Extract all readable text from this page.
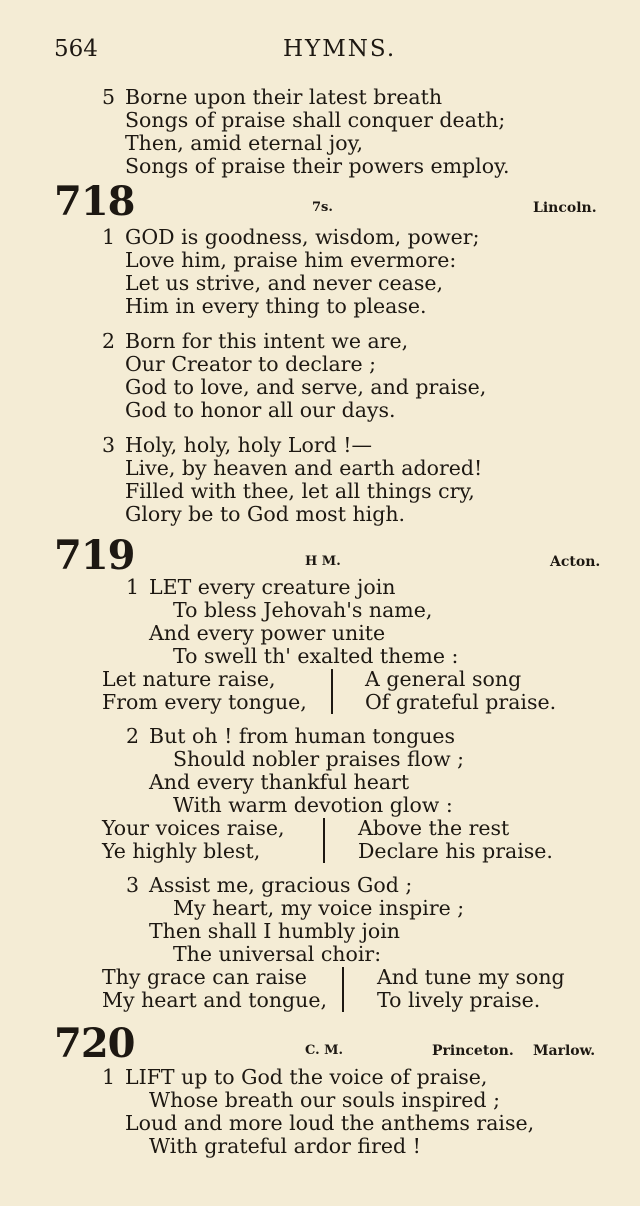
564	HYMNS.
5 Borne upon their latest breath
Songs of praise shall conquer death;
Then, amid eternal joy,
Songs of praise their powers employ.
718	7s.	Lincoln.
1 GOD is goodness, wisdom, power;
Love him, praise him evermore:
Let us strive, and never cease,
Him in every thing to please.
2 Born for this intent we are,
Our Creator to declare ;
God to love, and serve, and praise,
God to honor all our days.
3 Holy, holy, holy Lord !—
Live, by heaven and earth adored!
Filled with thee, let all things cry,
Glory be to God most high.
719	H M.	Acton.
1 LET every creature join
To bless Jehovah's name,
And every power unite
To swell th' exalted theme :
Let nature raise,	A general song
From every tongue,	Of grateful praise.
2 But oh ! from human tongues
Should nobler praises flow ;
And every thankful heart
With warm devotion glow :
Your voices raise,	Above the rest
Ye highly blest,	Declare his praise.
3 Assist me, gracious God ;
My heart, my voice inspire ;
Then shall I humbly join
The universal choir:
Thy grace can raise	And tune my song
My heart and tongue, To lively praise.
720	C. M.	Princeton. Marlow.
1 LIFT up to God the voice of praise,
Whose breath our souls inspired ;
Loud and more loud the anthems raise,
With grateful ardor fired !
